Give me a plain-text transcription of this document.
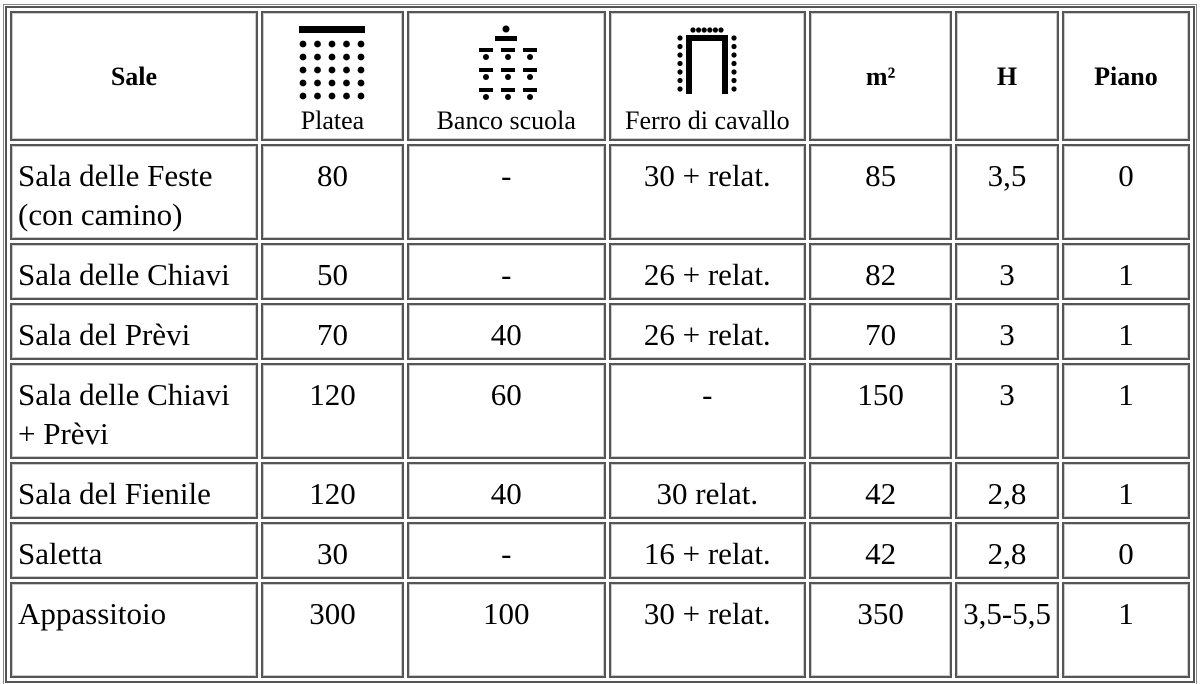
Sale	Platea	Banco scuola	Ferro di cavallo	m²	H	Piano
Sala delle Feste (con camino)	80	-	30 + relat.	85	3,5	0
Sala delle Chiavi	50	-	26 + relat.	82	3	1
Sala del Prèvi	70	40	26 + relat.	70	3	1
Sala delle Chiavi + Prèvi	120	60	-	150	3	1
Sala del Fienile	120	40	30 relat.	42	2,8	1
Saletta	30	-	16 + relat.	42	2,8	0
Appassitoio	300	100	30 + relat.	350	3,5-5,5	1
